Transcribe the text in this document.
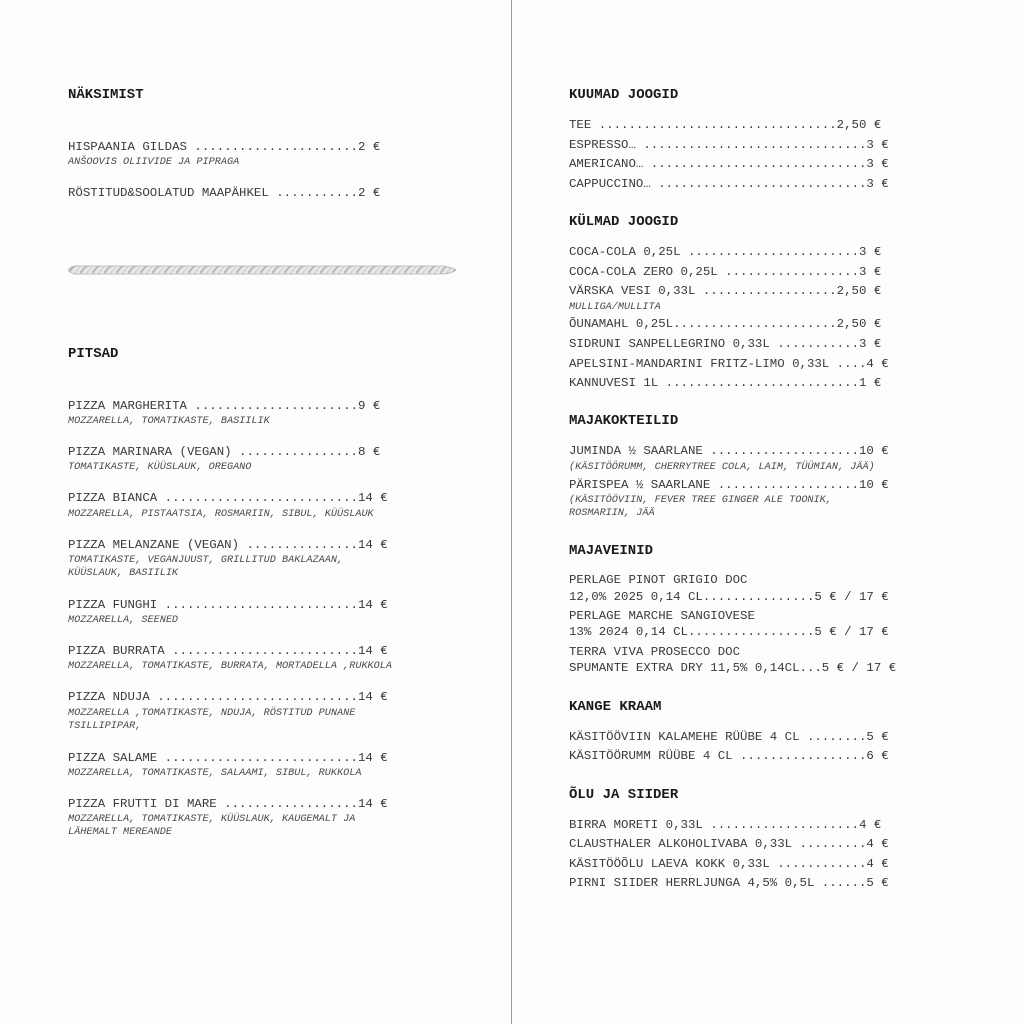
NÄKSIMIST
HISPAANIA GILDAS ......................2 €
ANŠOOVIS OLIIVIDE JA PIPRAGA
RÖSTITUD&SOOLATUD MAAPÄHKEL ...........2 €
PITSAD
PIZZA MARGHERITA ......................9 €
MOZZARELLA, TOMATIKASTE, BASIILIK
PIZZA MARINARA (VEGAN) ................8 €
TOMATIKASTE, KÜÜSLAUK, OREGANO
PIZZA BIANCA ..........................14 €
MOZZARELLA, PISTAATSIA, ROSMARIIN, SIBUL, KÜÜSLAUK
PIZZA MELANZANE (VEGAN) ...............14 €
TOMATIKASTE, VEGANJUUST, GRILLITUD BAKLAZAAN,
KÜÜSLAUK, BASIILIK
PIZZA FUNGHI ..........................14 €
MOZZARELLA, SEENED
PIZZA BURRATA .........................14 €
MOZZARELLA, TOMATIKASTE, BURRATA, MORTADELLA ,RUKKOLA
PIZZA NDUJA ...........................14 €
MOZZARELLA ,TOMATIKASTE, NDUJA, RÖSTITUD PUNANE
TSILLIPIPAR,
PIZZA SALAME ..........................14 €
MOZZARELLA, TOMATIKASTE, SALAAMI, SIBUL, RUKKOLA
PIZZA FRUTTI DI MARE ..................14 €
MOZZARELLA, TOMATIKASTE, KÜÜSLAUK, KAUGEMALT JA
LÄHEMALT MEREANDE
KUUMAD JOOGID
TEE ................................2,50 €
ESPRESSO… ..............................3 €
AMERICANO… .............................3 €
CAPPUCCINO… ............................3 €
KÜLMAD JOOGID
COCA-COLA 0,25L .......................3 €
COCA-COLA ZERO 0,25L ..................3 €
VÄRSKA VESI 0,33L ..................2,50 €
MULLIGA/MULLITA
ÕUNAMAHL 0,25L......................2,50 €
SIDRUNI SANPELLEGRINO 0,33L ...........3 €
APELSINI-MANDARINI FRITZ-LIMO 0,33L ....4 €
KANNUVESI 1L ..........................1 €
MAJAKOKTEILID
JUMINDA ½ SAARLANE ....................10 €
(KÄSITÖÖRUMM, CHERRYTREE COLA, LAIM, TÜÜMIAN, JÄÄ)
PÄRISPEA ½ SAARLANE ...................10 €
(KÄSITÖÖVIIN, FEVER TREE GINGER ALE TOONIK,
ROSMARIIN, JÄÄ
MAJAVEINID
PERLAGE PINOT GRIGIO DOC
12,0% 2025 0,14 CL...............5 € / 17 €
PERLAGE MARCHE SANGIOVESE
13% 2024 0,14 CL.................5 € / 17 €
TERRA VIVA PROSECCO DOC
SPUMANTE EXTRA DRY 11,5% 0,14CL...5 € / 17 €
KANGE KRAAM
KÄSITÖÖVIIN KALAMEHE RÜÜBE 4 CL ........5 €
KÄSITÖÖRUMM RÜÜBE 4 CL .................6 €
ÕLU JA SIIDER
BIRRA MORETI 0,33L ....................4 €
CLAUSTHALER ALKOHOLIVABA 0,33L .........4 €
KÄSITÖÖÕLU LAEVA KOKK 0,33L ............4 €
PIRNI SIIDER HERRLJUNGA 4,5% 0,5L ......5 €
